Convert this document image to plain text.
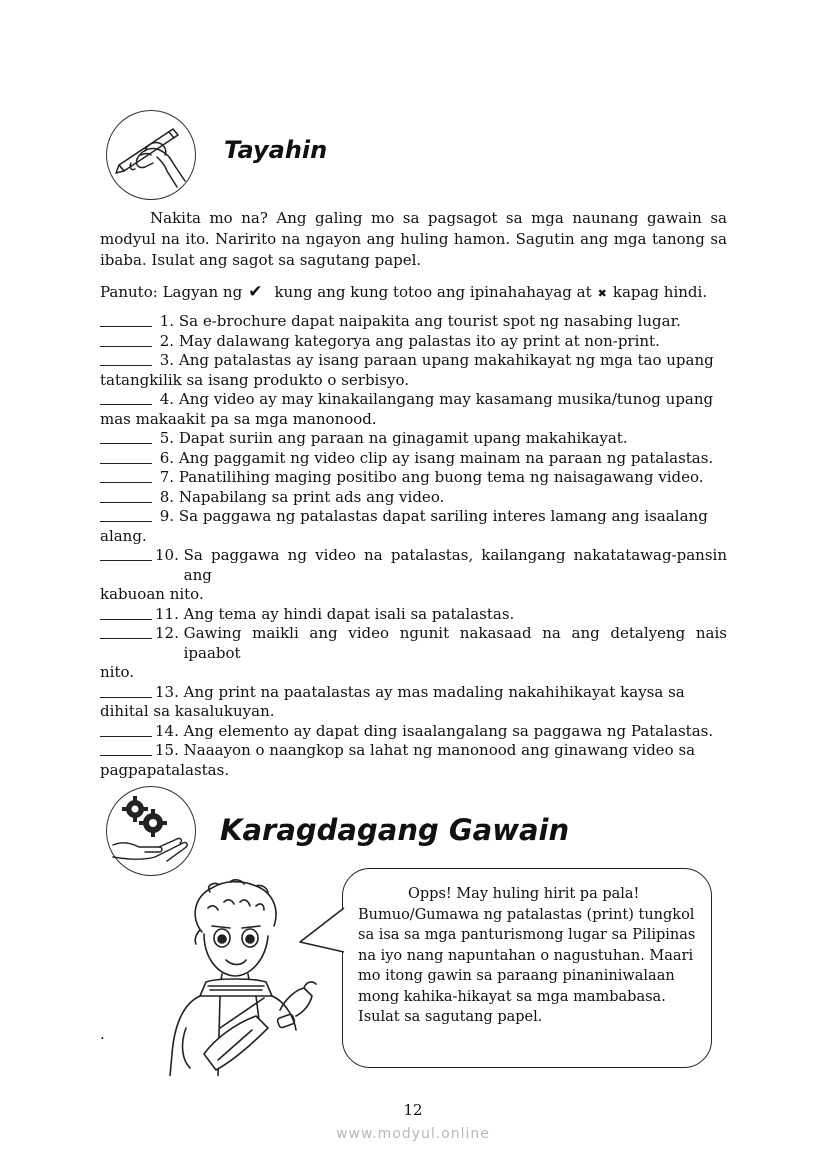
Tayahin
Nakita mo na? Ang galing mo sa pagsagot sa mga naunang gawain sa modyul na ito. Naririto na ngayon ang huling hamon. Sagutin ang mga tanong sa ibaba. Isulat ang sagot sa sagutang papel.
Panuto: Lagyan ng ✔ kung ang kung totoo ang ipinahahayag at ✖ kapag hindi.
1. Sa e-brochure dapat naipakita ang tourist spot ng nasabing lugar.
2. May dalawang kategorya ang palastas ito ay print at non-print.
3. Ang patalastas ay isang paraan upang makahikayat ng mga tao upang
tatangkilik sa isang produkto o serbisyo.
4. Ang video ay may kinakailangang may kasamang musika/tunog upang
mas makaakit pa sa mga manonood.
5. Dapat suriin ang paraan na ginagamit upang makahikayat.
6. Ang paggamit ng video clip ay isang mainam na paraan ng patalastas.
7. Panatilihing maging positibo ang buong tema ng naisagawang video.
8. Napabilang sa print ads ang video.
9. Sa paggawa ng patalastas dapat sariling interes lamang ang isaalang
alang.
10. Sa paggawa ng video na patalastas, kailangang nakatatawag-pansin ang
kabuoan nito.
11. Ang tema ay hindi dapat isali sa patalastas.
12. Gawing maikli ang video ngunit nakasaad na ang detalyeng nais ipaabot
nito.
13. Ang print na paatalastas ay mas madaling nakahihikayat kaysa sa
dihital sa kasalukuyan.
14. Ang elemento ay dapat ding isaalangalang sa paggawa ng Patalastas.
15. Naaayon o naangkop sa lahat ng manonood ang ginawang video sa
pagpapatalastas.
Karagdagang Gawain
Opps! May huling hirit pa pala!
Bumuo/Gumawa ng patalastas (print) tungkol sa isa sa mga panturismong lugar sa Pilipinas na iyo nang napuntahan o nagustuhan. Maari mo itong gawin sa paraang pinaniniwalaan mong kahika-hikayat sa mga mambabasa. Isulat sa sagutang papel.
.
12
www.modyul.online
